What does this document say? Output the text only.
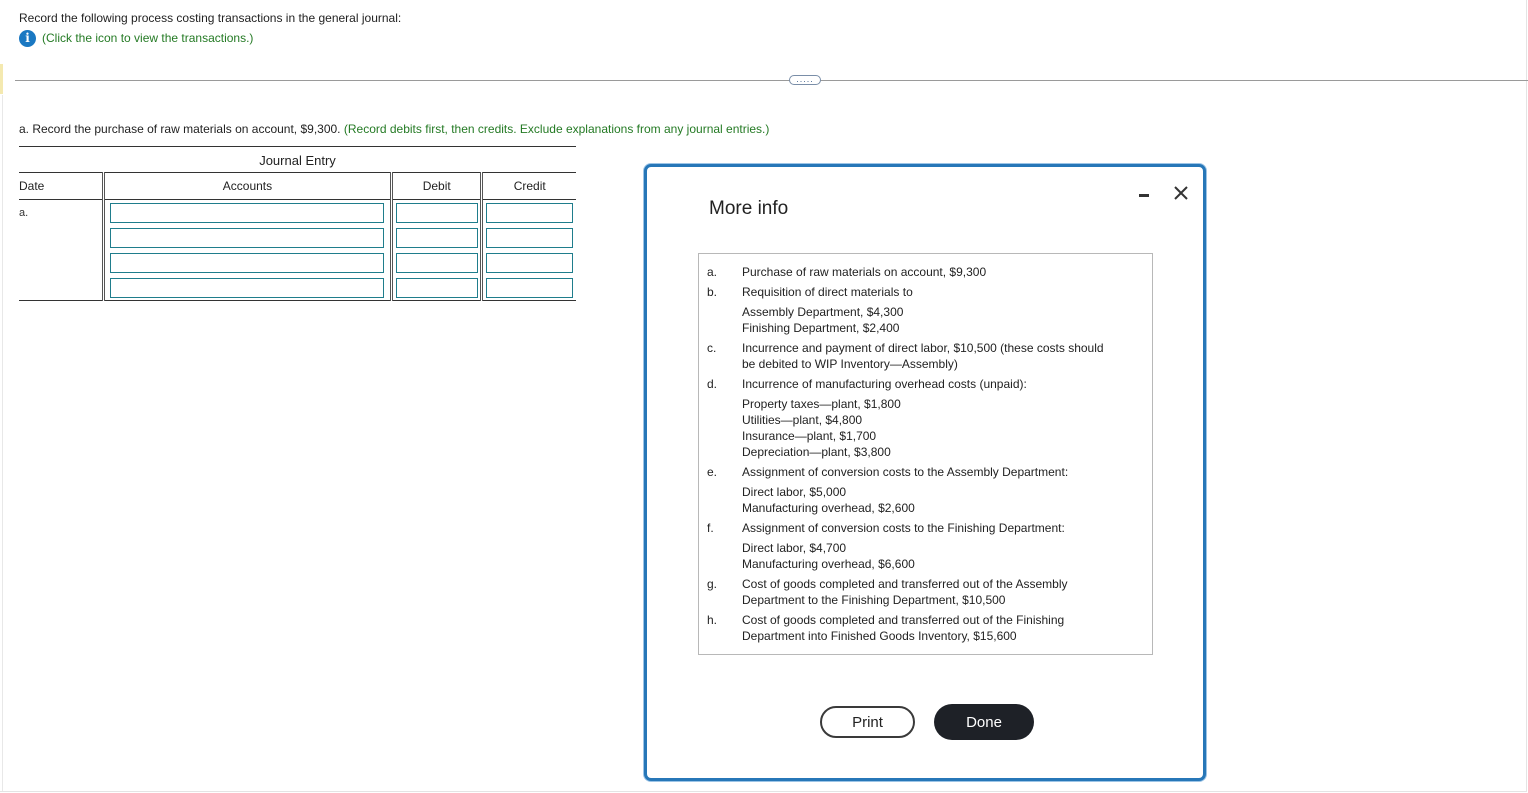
Record the following process costing transactions in the general journal:
i	(Click the icon to view the transactions.)
.....
a. Record the purchase of raw materials on account, $9,300. (Record debits first, then credits. Exclude explanations from any journal entries.)
Journal Entry
Date	Accounts	Debit	Credit
a.	

		More info
a.	Purchase of raw materials on account, $9,300
b.	Requisition of direct materials to
Assembly Department, $4,300
Finishing Department, $2,400
c.	Incurrence and payment of direct labor, $10,500 (these costs should
be debited to WIP Inventory—Assembly)
d.	Incurrence of manufacturing overhead costs (unpaid):
Property taxes—plant, $1,800
Utilities—plant, $4,800
Insurance—plant, $1,700
Depreciation—plant, $3,800
e.	Assignment of conversion costs to the Assembly Department:
Direct labor, $5,000
Manufacturing overhead, $2,600
f.	Assignment of conversion costs to the Finishing Department:
Direct labor, $4,700
Manufacturing overhead, $6,600
g.	Cost of goods completed and transferred out of the Assembly
Department to the Finishing Department, $10,500
h.	Cost of goods completed and transferred out of the Finishing
Department into Finished Goods Inventory, $15,600
Print	Done
